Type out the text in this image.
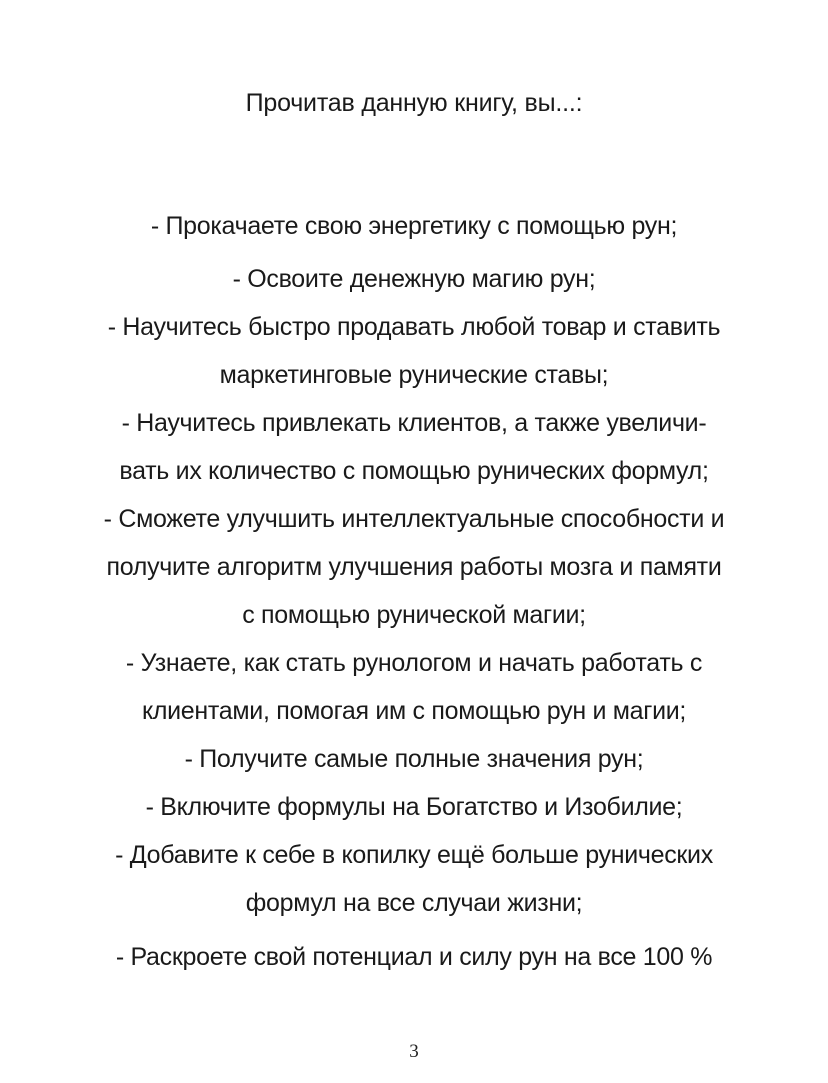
Прочитав данную книгу, вы...:
- Прокачаете свою энергетику с помощью рун;
- Освоите денежную магию рун;
- Научитесь быстро продавать любой товар и ставить
маркетинговые рунические ставы;
- Научитесь привлекать клиентов, а также увеличи-
вать их количество с помощью рунических формул;
- Сможете улучшить интеллектуальные способности и
получите алгоритм улучшения работы мозга и памяти
с помощью рунической магии;
- Узнаете, как стать рунологом и начать работать с
клиентами, помогая им с помощью рун и магии;
- Получите самые полные значения рун;
- Включите формулы на Богатство и Изобилие;
- Добавите к себе в копилку ещё больше рунических
формул на все случаи жизни;
- Раскроете свой потенциал и силу рун на все 100 %
3
